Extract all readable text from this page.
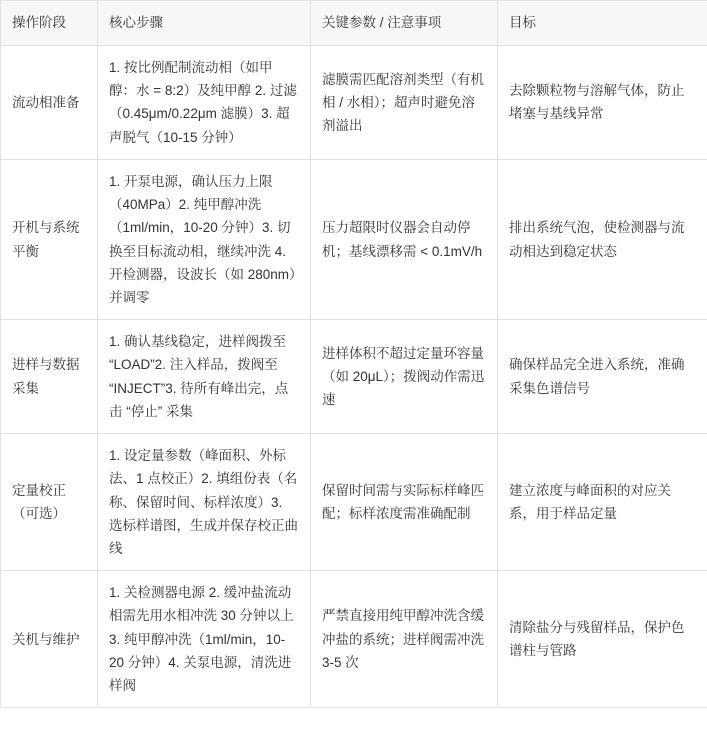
操作阶段	核心步骤	关键参数 / 注意事项	目标
流动相准备	1. 按比例配制流动相（如甲醇：水 = 8:2）及纯甲醇 2. 过滤（0.45μm/0.22μm 滤膜）3. 超声脱气（10-15 分钟）	滤膜需匹配溶剂类型（有机相 / 水相）；超声时避免溶剂溢出	去除颗粒物与溶解气体，防止堵塞与基线异常
开机与系统平衡	1. 开泵电源，确认压力上限（40MPa）2. 纯甲醇冲洗（1ml/min，10-20 分钟）3. 切换至目标流动相，继续冲洗 4. 开检测器，设波长（如 280nm）并调零	压力超限时仪器会自动停机；基线漂移需 < 0.1mV/h	排出系统气泡，使检测器与流动相达到稳定状态
进样与数据采集	1. 确认基线稳定，进样阀拨至 “LOAD”2. 注入样品，拨阀至 “INJECT”3. 待所有峰出完，点击 “停止” 采集	进样体积不超过定量环容量（如 20μL）；拨阀动作需迅速	确保样品完全进入系统，准确采集色谱信号
定量校正（可选）	1. 设定量参数（峰面积、外标法、1 点校正）2. 填组份表（名称、保留时间、标样浓度）3. 选标样谱图，生成并保存校正曲线	保留时间需与实际标样峰匹配；标样浓度需准确配制	建立浓度与峰面积的对应关系，用于样品定量
关机与维护	1. 关检测器电源 2. 缓冲盐流动相需先用水相冲洗 30 分钟以上 3. 纯甲醇冲洗（1ml/min，10-20 分钟）4. 关泵电源，清洗进样阀	严禁直接用纯甲醇冲洗含缓冲盐的系统；进样阀需冲洗 3-5 次	清除盐分与残留样品，保护色谱柱与管路
